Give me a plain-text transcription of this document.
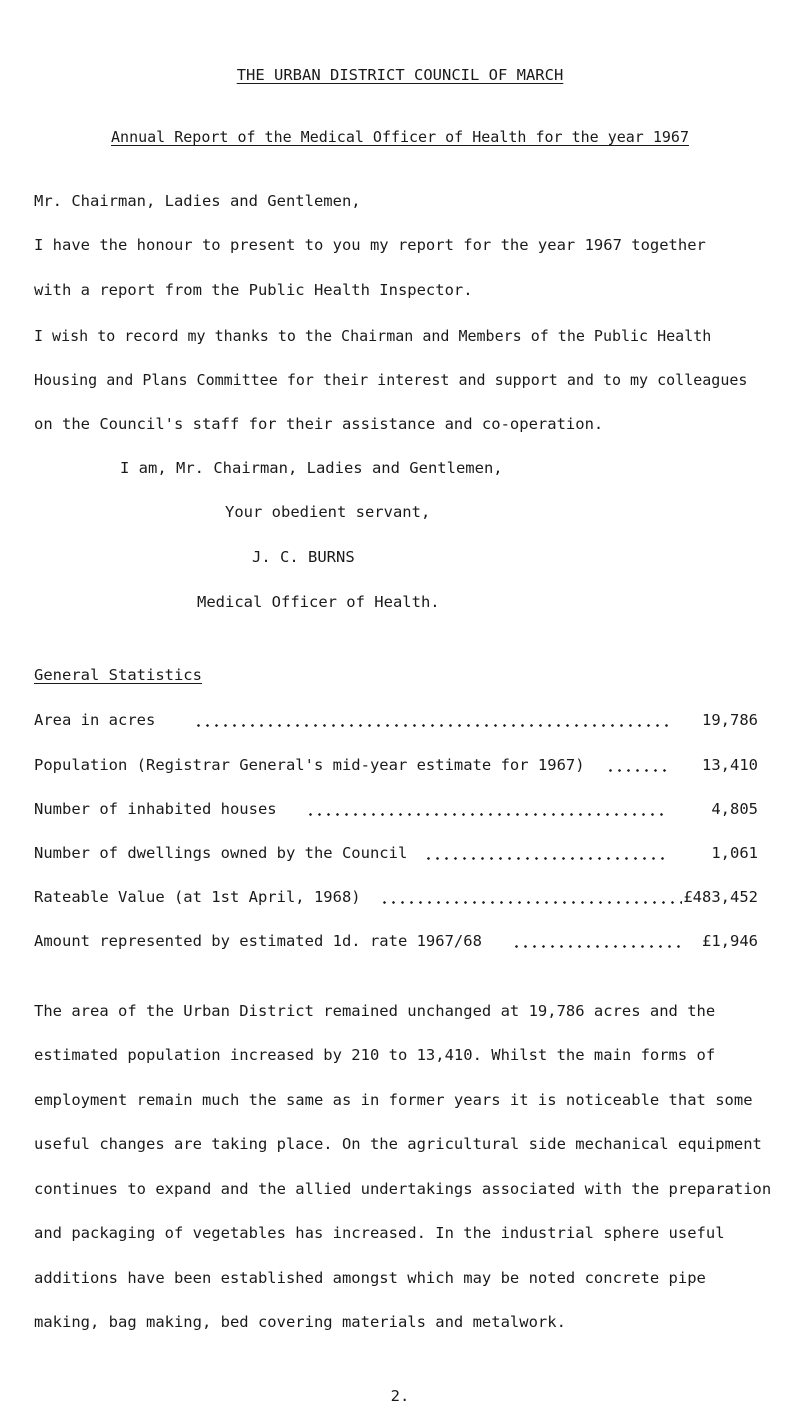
THE URBAN DISTRICT COUNCIL OF MARCH
Annual Report of the Medical Officer of Health for the year 1967
Mr. Chairman, Ladies and Gentlemen,
I have the honour to present to you my report for the year 1967 together
with a report from the Public Health Inspector.
I wish to record my thanks to the Chairman and Members of the Public Health
Housing and Plans Committee for their interest and support and to my colleagues
on the Council's staff for their assistance and co-operation.
I am, Mr. Chairman, Ladies and Gentlemen,
Your obedient servant,
J. C. BURNS
Medical Officer of Health.
General Statistics
Area in acres	19,786
Population (Registrar General's mid-year estimate for 1967)	13,410
Number of inhabited houses	4,805
Number of dwellings owned by the Council	1,061
Rateable Value (at 1st April, 1968)	£483,452
Amount represented by estimated 1d. rate 1967/68	£1,946
The area of the Urban District remained unchanged at 19,786 acres and the
estimated population increased by 210 to 13,410. Whilst the main forms of
employment remain much the same as in former years it is noticeable that some
useful changes are taking place. On the agricultural side mechanical equipment
continues to expand and the allied undertakings associated with the preparation
and packaging of vegetables has increased. In the industrial sphere useful
additions have been established amongst which may be noted concrete pipe
making, bag making, bed covering materials and metalwork.
2.
